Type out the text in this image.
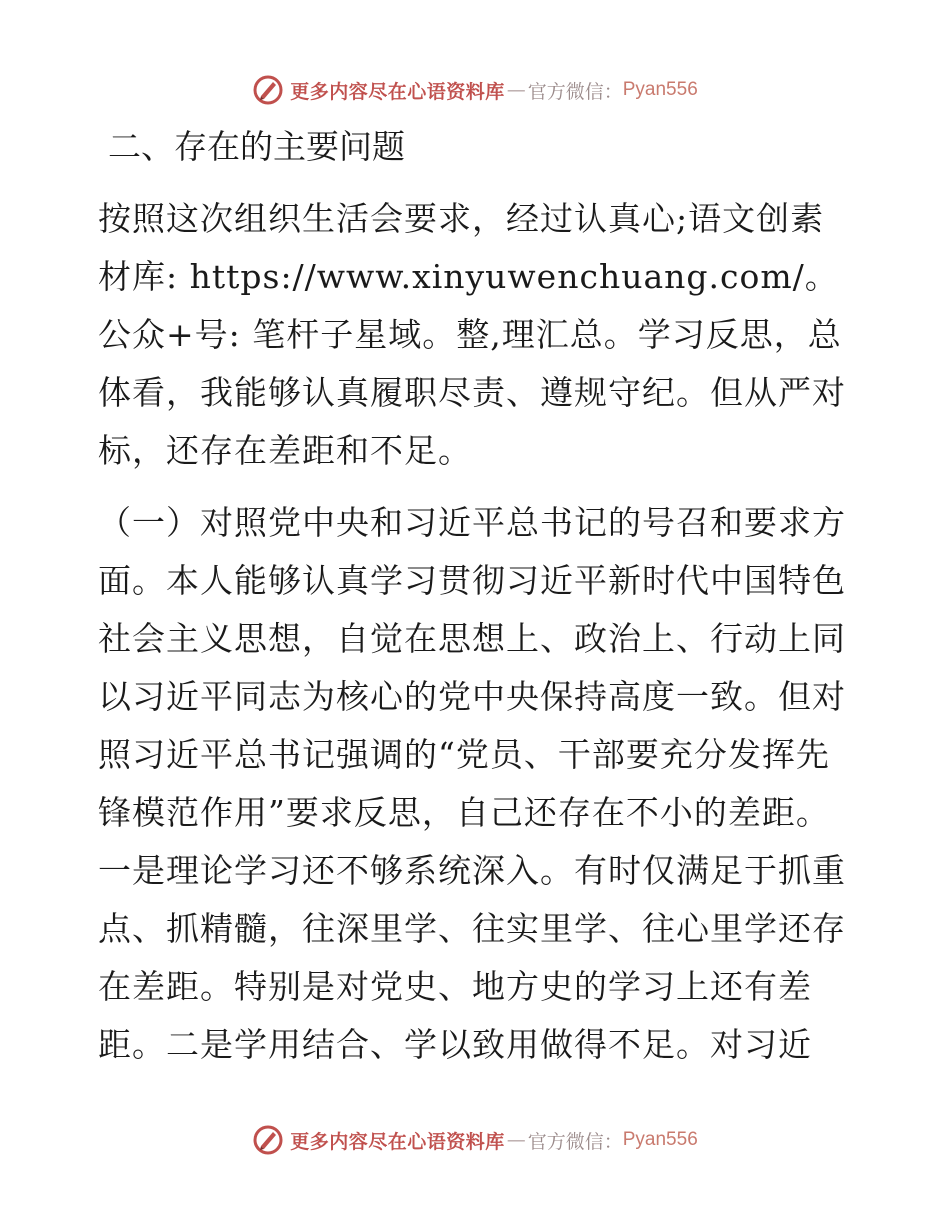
更多内容尽在心语资料库 — 官方微信： Pyan556

二、存在的主要问题

按照这次组织生活会要求，经过认真心;语文创素材库: https://www.xinyuwenchuang.com/。公众+号: 笔杆子星域。整,理汇总。学习反思，总体看，我能够认真履职尽责、遵规守纪。但从严对标，还存在差距和不足。

（一）对照党中央和习近平总书记的号召和要求方面。本人能够认真学习贯彻习近平新时代中国特色社会主义思想，自觉在思想上、政治上、行动上同以习近平同志为核心的党中央保持高度一致。但对照习近平总书记强调的“党员、干部要充分发挥先锋模范作用”要求反思，自己还存在不小的差距。一是理论学习还不够系统深入。有时仅满足于抓重点、抓精髓，往深里学、往实里学、往心里学还存在差距。特别是对党史、地方史的学习上还有差距。二是学用结合、学以致用做得不足。对习近

更多内容尽在心语资料库 — 官方微信： Pyan556
